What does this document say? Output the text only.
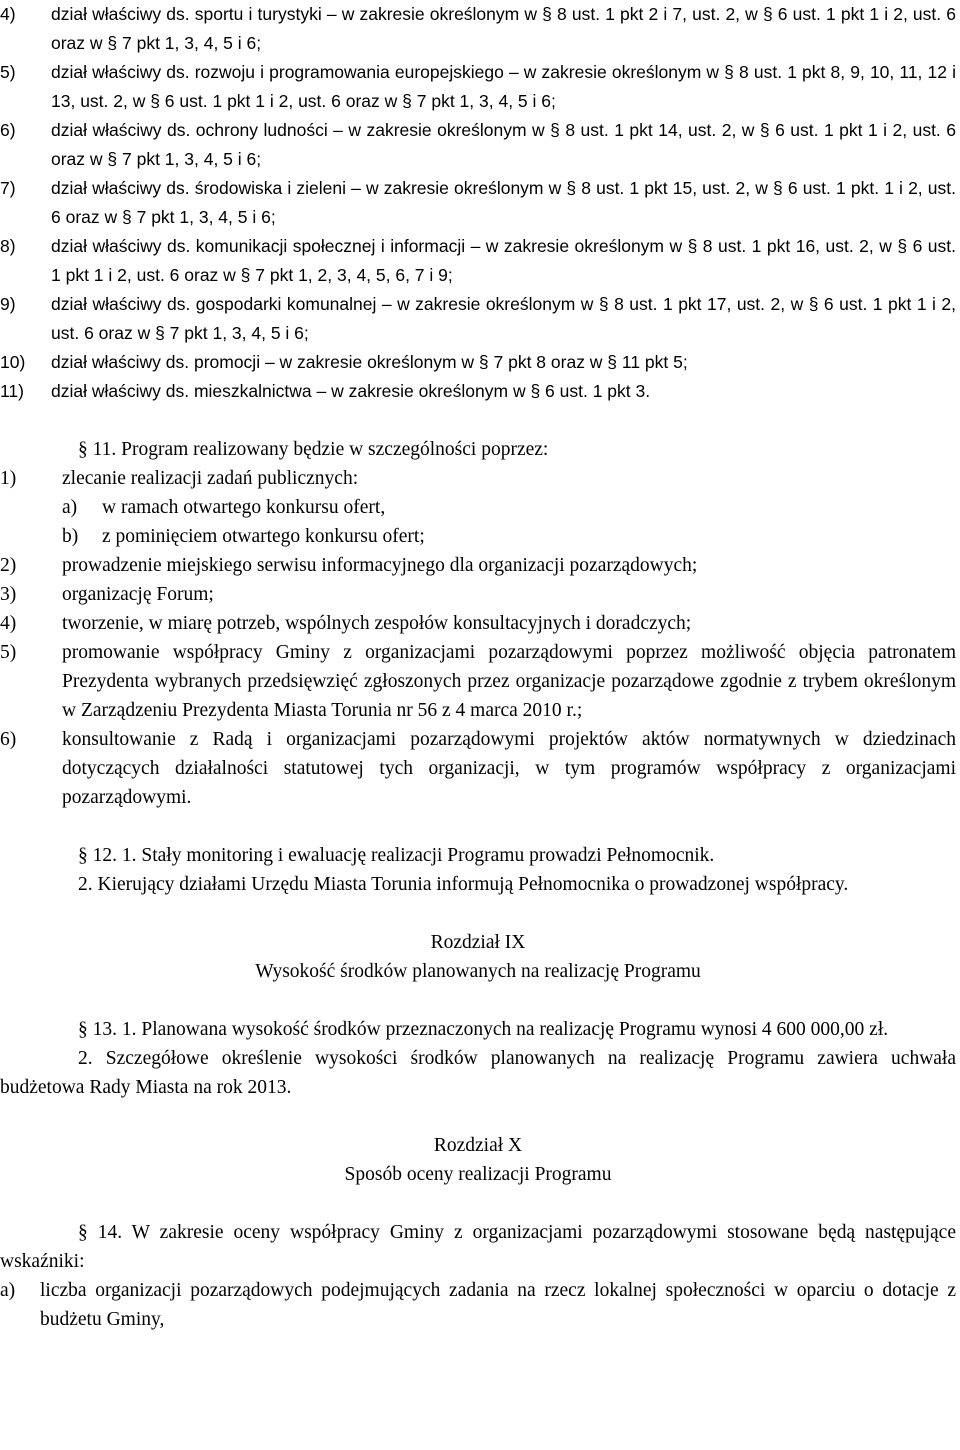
4)	dział właściwy ds. sportu i turystyki – w zakresie określonym w § 8 ust. 1 pkt 2 i 7, ust. 2, w § 6 ust. 1 pkt 1 i 2, ust. 6 oraz w § 7 pkt 1, 3, 4, 5 i 6;
5)	dział właściwy ds. rozwoju i programowania europejskiego – w zakresie określonym w § 8 ust. 1 pkt 8, 9, 10, 11, 12 i 13, ust. 2, w § 6 ust. 1 pkt 1 i 2, ust. 6 oraz w § 7 pkt 1, 3, 4, 5 i 6;
6)	dział właściwy ds. ochrony ludności – w zakresie określonym w § 8 ust. 1 pkt 14, ust. 2, w § 6 ust. 1 pkt 1 i 2, ust. 6 oraz w § 7 pkt 1, 3, 4, 5 i 6;
7)	dział właściwy ds. środowiska i zieleni – w zakresie określonym w § 8 ust. 1 pkt 15, ust. 2, w § 6 ust. 1 pkt. 1 i 2, ust. 6 oraz w § 7 pkt 1, 3, 4, 5 i 6;
8)	dział właściwy ds. komunikacji społecznej i informacji – w zakresie określonym w § 8 ust. 1 pkt 16, ust. 2, w § 6 ust. 1 pkt 1 i 2, ust. 6 oraz w § 7 pkt 1, 2, 3, 4, 5, 6, 7 i 9;
9)	dział właściwy ds. gospodarki komunalnej – w zakresie określonym w § 8 ust. 1 pkt 17, ust. 2, w § 6 ust. 1 pkt 1 i 2, ust. 6 oraz w § 7 pkt 1, 3, 4, 5 i 6;
10)	dział właściwy ds. promocji – w zakresie określonym w § 7 pkt 8 oraz w § 11 pkt 5;
11)	dział właściwy ds. mieszkalnictwa – w zakresie określonym w § 6 ust. 1 pkt 3.
§ 11. Program realizowany będzie w szczególności poprzez:
1)	zlecanie realizacji zadań publicznych:
a)	w ramach otwartego konkursu ofert,
b)	z pominięciem otwartego konkursu ofert;
2)	prowadzenie miejskiego serwisu informacyjnego dla organizacji pozarządowych;
3)	organizację Forum;
4)	tworzenie, w miarę potrzeb, wspólnych zespołów konsultacyjnych i doradczych;
5)	promowanie współpracy Gminy z organizacjami pozarządowymi poprzez możliwość objęcia patronatem Prezydenta wybranych przedsięwzięć zgłoszonych przez organizacje pozarządowe zgodnie z trybem określonym w Zarządzeniu Prezydenta Miasta Torunia nr 56 z 4 marca 2010 r.;
6)	konsultowanie z Radą i organizacjami pozarządowymi projektów aktów normatywnych w dziedzinach dotyczących działalności statutowej tych organizacji, w tym programów współpracy z organizacjami pozarządowymi.
§ 12. 1. Stały monitoring i ewaluację realizacji Programu prowadzi Pełnomocnik.
2. Kierujący działami Urzędu Miasta Torunia informują Pełnomocnika o prowadzonej współpracy.
Rozdział IX
Wysokość środków planowanych na realizację Programu
§ 13. 1. Planowana wysokość środków przeznaczonych na realizację Programu wynosi 4 600 000,00 zł.
2. Szczegółowe określenie wysokości środków planowanych na realizację Programu zawiera uchwała budżetowa Rady Miasta na rok 2013.
Rozdział X
Sposób oceny realizacji Programu
§ 14. W zakresie oceny współpracy Gminy z organizacjami pozarządowymi stosowane będą następujące wskaźniki:
a)	liczba organizacji pozarządowych podejmujących zadania na rzecz lokalnej społeczności w oparciu o dotacje z budżetu Gminy,
